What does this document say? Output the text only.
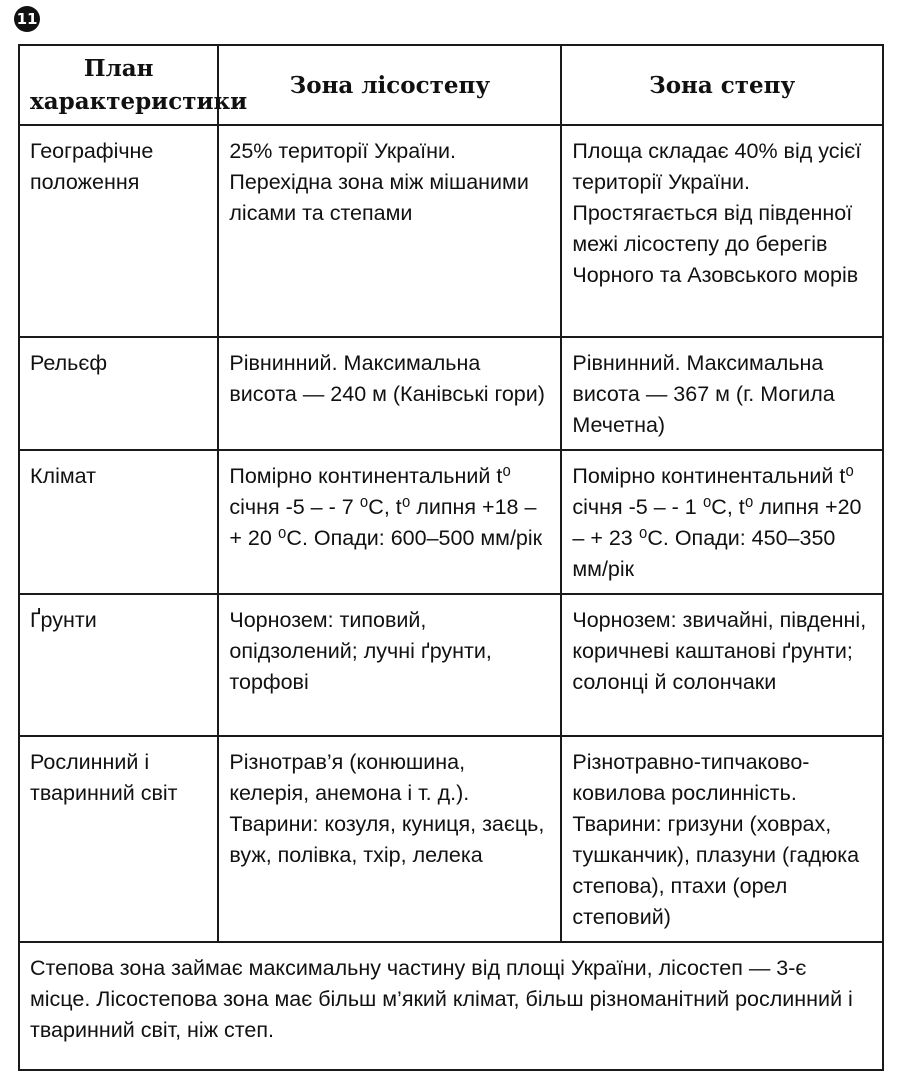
11
План характеристики	Зона лісостепу	Зона степу
Географічне положення	25% території України. Перехідна зона між мішаними лісами та степами	Площа складає 40% від усієї території України. Простягається від південної межі лісостепу до берегів Чорного та Азовського морів
Рельєф	Рівнинний. Максимальна висота — 240 м (Канівські гори)	Рівнинний. Максимальна висота — 367 м (г. Могила Мечетна)
Клімат	Помірно континентальний t⁰ січня -5 – - 7 ⁰С, t⁰ липня +18 – + 20 ⁰С. Опади: 600–500 мм/рік	Помірно континентальний t⁰ січня -5 – - 1 ⁰С, t⁰ липня +20 – + 23 ⁰С. Опади: 450–350 мм/рік
Ґрунти	Чорнозем: типовий, опідзолений; лучні ґрунти, торфові	Чорнозем: звичайні, південні, коричневі каштанові ґрунти; солонці й солончаки
Рослинний і тваринний світ	Різнотрав’я (конюшина, келерія, анемона і т. д.). Тварини: козуля, куниця, заєць, вуж, полівка, тхір, лелека	Різнотравно-типчаково-ковилова рослинність. Тварини: гризуни (ховрах, тушканчик), плазуни (гадюка степова), птахи (орел степовий)
Степова зона займає максимальну частину від площі України, лісостеп — 3-є місце. Лісостепова зона має більш м’який клімат, більш різноманітний рослинний і тваринний світ, ніж степ.		
